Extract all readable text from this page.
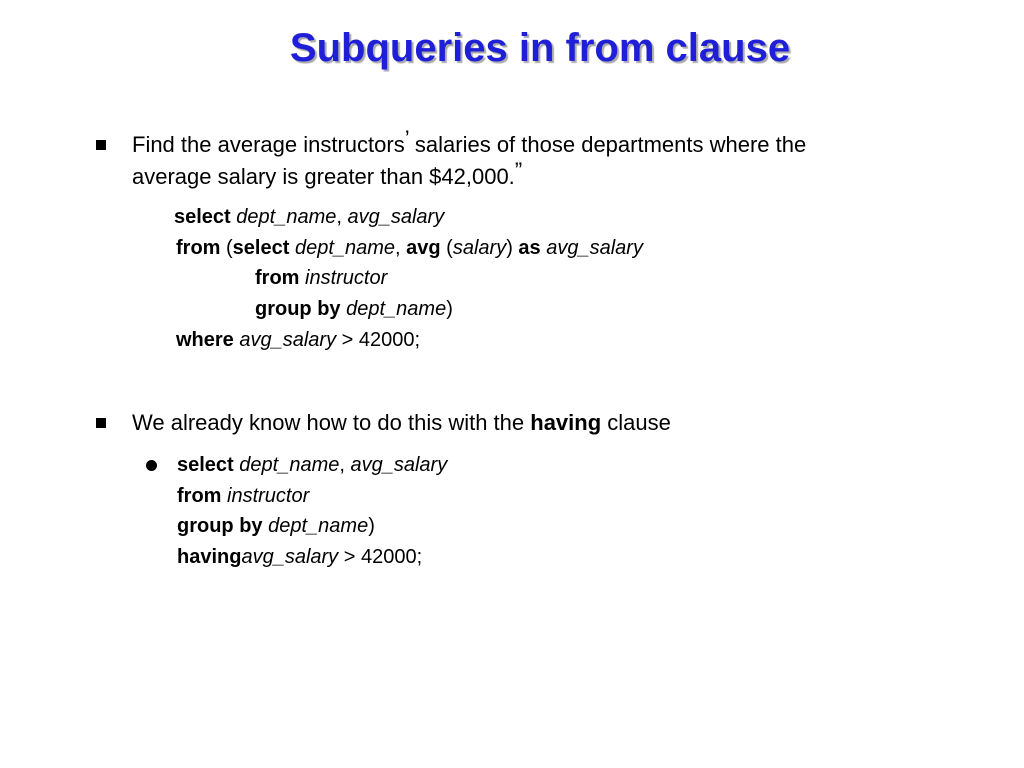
Subqueries in from clause
Find the average instructors’ salaries of those departments where the
average salary is greater than $42,000.”
select dept_name, avg_salary
from (select dept_name, avg (salary) as avg_salary
from instructor
group by dept_name)
where avg_salary > 42000;
We already know how to do this with the having clause
select dept_name, avg_salary
from instructor
group by dept_name)
havingavg_salary > 42000;
